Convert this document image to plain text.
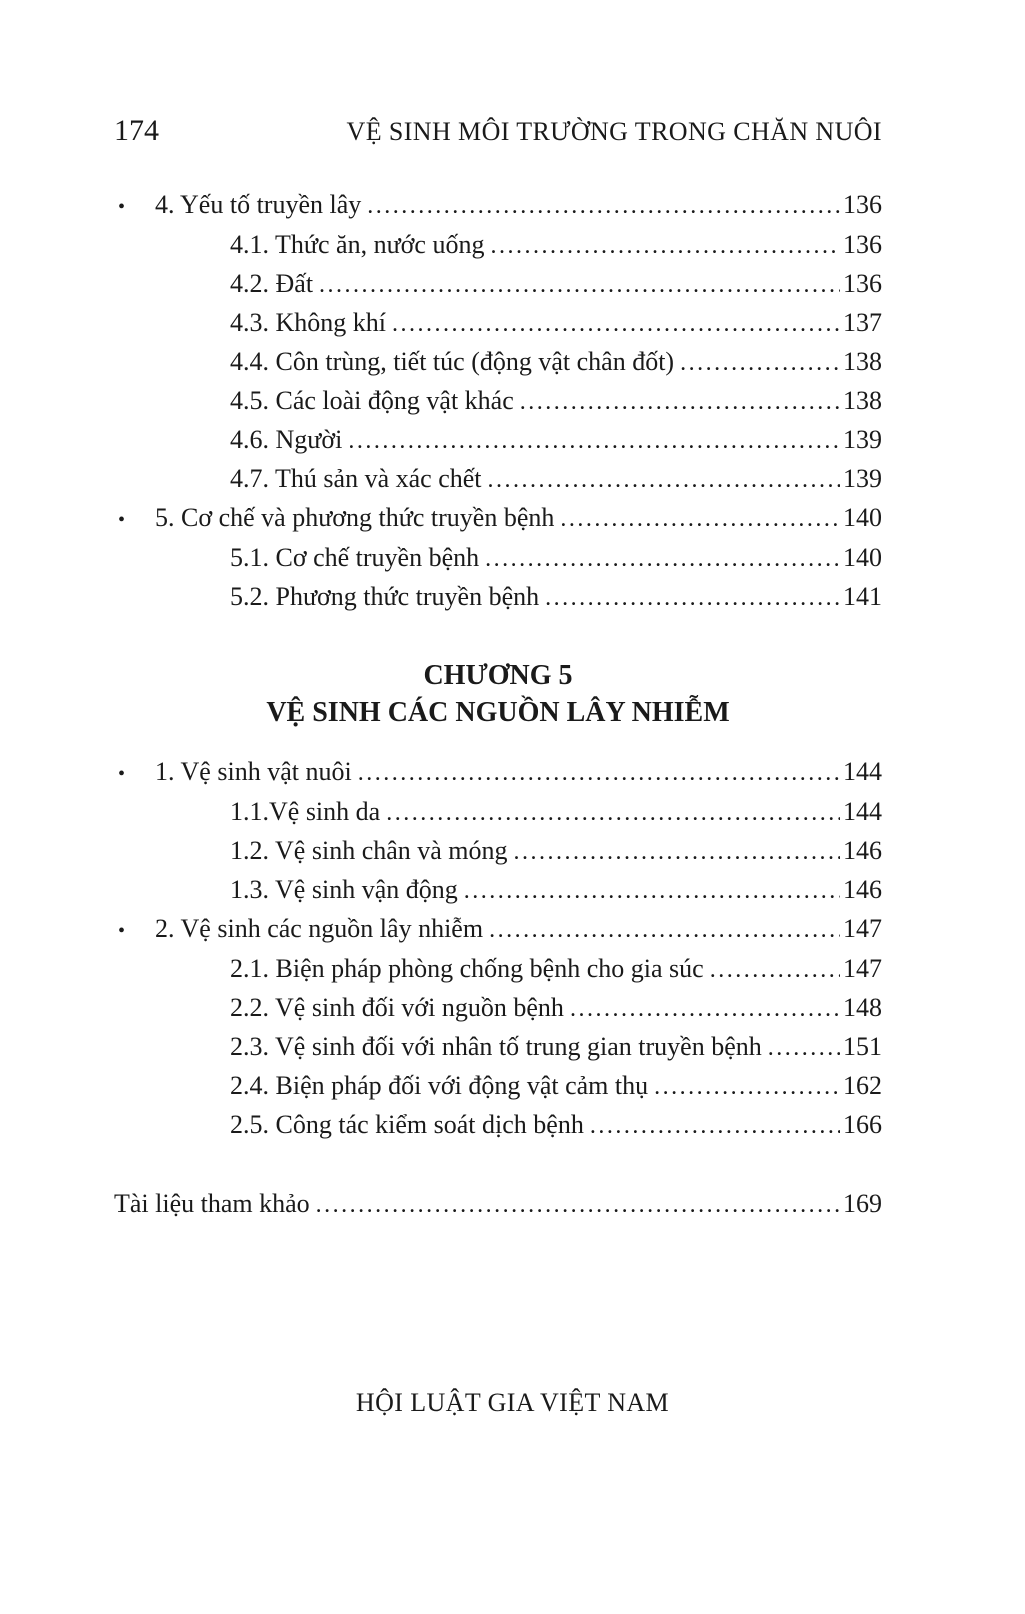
174	VỆ SINH MÔI TRƯỜNG TRONG CHĂN NUÔI
•	4. Yếu tố truyền lây .....	136
4.1. Thức ăn, nước uống .....	136
4.2. Đất .....	136
4.3. Không khí .....	137
4.4. Côn trùng, tiết túc (động vật chân đốt) .....	138
4.5. Các loài động vật khác .....	138
4.6. Người .....	139
4.7. Thú sản và xác chết .....	139
•	5. Cơ chế và phương thức truyền bệnh .....	140
5.1. Cơ chế truyền bệnh .....	140
5.2. Phương thức truyền bệnh .....	141
CHƯƠNG 5
VỆ SINH CÁC NGUỒN LÂY NHIỄM
•	1. Vệ sinh vật nuôi .....	144
1.1.Vệ sinh da .....	144
1.2. Vệ sinh chân và móng .....	146
1.3. Vệ sinh vận động .....	146
•	2. Vệ sinh các nguồn lây nhiễm .....	147
2.1. Biện pháp phòng chống bệnh cho gia súc .....	147
2.2. Vệ sinh đối với nguồn bệnh .....	148
2.3. Vệ sinh đối với nhân tố trung gian truyền bệnh .....	151
2.4. Biện pháp đối với động vật cảm thụ .....	162
2.5. Công tác kiểm soát dịch bệnh .....	166
Tài liệu tham khảo .....	169
HỘI LUẬT GIA VIỆT NAM
